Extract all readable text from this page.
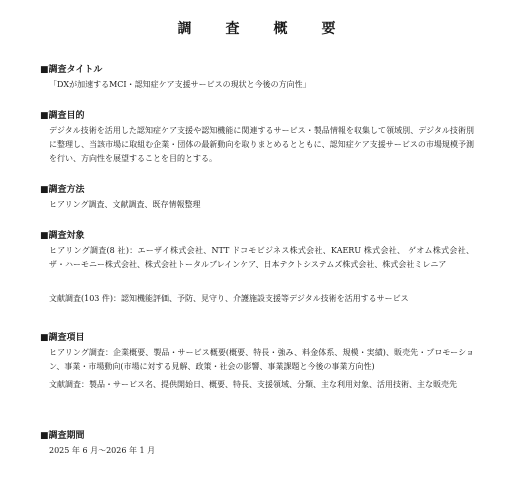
調　査　概　要
■調査タイトル
「DXが加速するMCI・認知症ケア支援サービスの現状と今後の方向性」
■調査目的
デジタル技術を活用した認知症ケア支援や認知機能に関連するサービス・製品情報を収集して領域別、デジタル技術別に整理し、当該市場に取組む企業・団体の最新動向を取りまとめるとともに、認知症ケア支援サービスの市場規模予測を行い、方向性を展望することを目的とする。
■調査方法
ヒアリング調査、文献調査、既存情報整理
■調査対象
ヒアリング調査(8 社)：エーザイ株式会社、NTT ドコモビジネス株式会社、KAERU 株式会社、 ゲオム株式会社、ザ・ハーモニー株式会社、株式会社トータルブレインケア、日本テクトシステムズ株式会社、株式会社ミレニア
文献調査(103 件)：認知機能評価、予防、見守り、介護施設支援等デジタル技術を活用するサービス
■調査項目
ヒアリング調査：企業概要、製品・サービス概要(概要、特長・強み、料金体系、規模・実績)、販売先・プロモーション、事業・市場動向(市場に対する見解、政策・社会の影響、事業課題と今後の事業方向性)
文献調査：製品・サービス名、提供開始日、概要、特長、支援領域、分類、主な利用対象、活用技術、主な販売先
■調査期間
2025 年 6 月～2026 年 1 月
